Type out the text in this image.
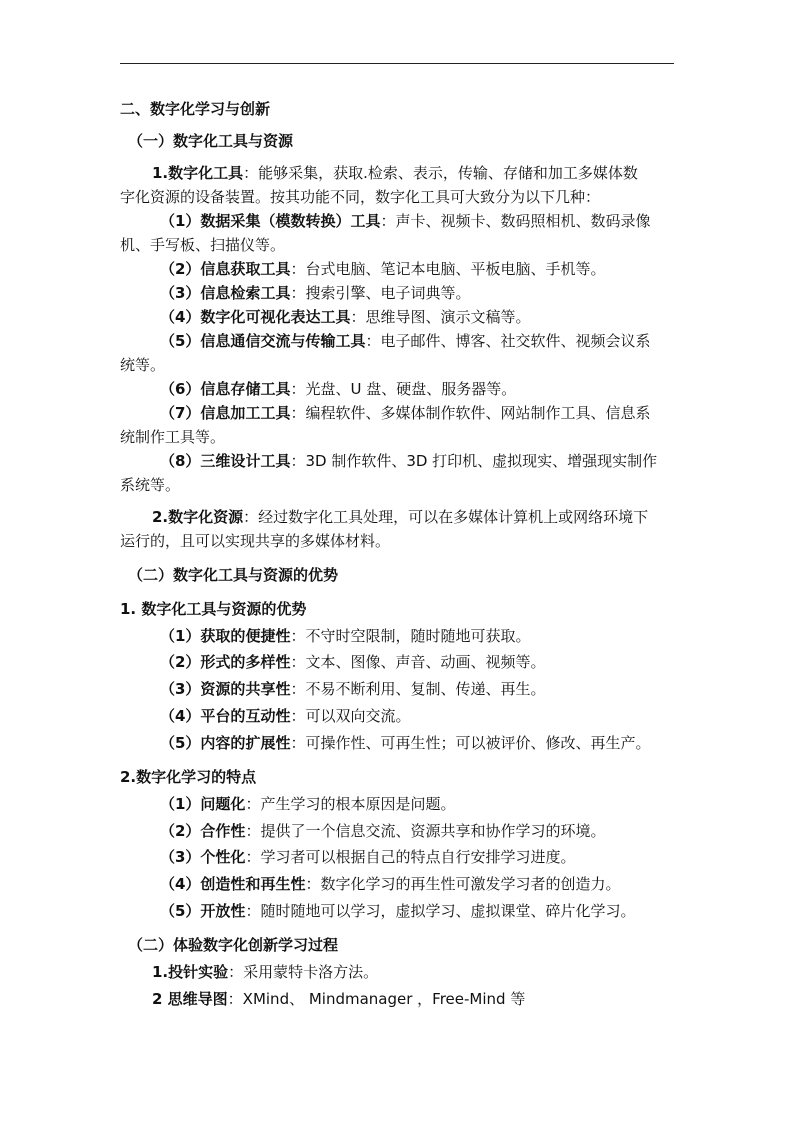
二、数字化学习与创新
（一）数字化工具与资源
1.数字化工具：能够采集，获取.检索、表示，传输、存储和加工多媒体数
字化资源的设备装置。按其功能不同，数字化工具可大致分为以下几种：
（1）数据采集（模数转换）工具：声卡、视频卡、数码照相机、数码录像
机、手写板、扫描仪等。
（2）信息获取工具：台式电脑、笔记本电脑、平板电脑、手机等。
（3）信息检索工具：搜索引擎、电子词典等。
（4）数字化可视化表达工具：思维导图、演示文稿等。
（5）信息通信交流与传输工具：电子邮件、博客、社交软件、视频会议系
统等。
（6）信息存储工具：光盘、U 盘、硬盘、服务器等。
（7）信息加工工具：编程软件、多媒体制作软件、网站制作工具、信息系
统制作工具等。
（8）三维设计工具：3D 制作软件、3D 打印机、虚拟现实、增强现实制作
系统等。
2.数字化资源：经过数字化工具处理，可以在多媒体计算机上或网络环境下
运行的，且可以实现共享的多媒体材料。
（二）数字化工具与资源的优势
1. 数字化工具与资源的优势
（1）获取的便捷性：不守时空限制，随时随地可获取。
（2）形式的多样性：文本、图像、声音、动画、视频等。
（3）资源的共享性：不易不断利用、复制、传递、再生。
（4）平台的互动性：可以双向交流。
（5）内容的扩展性：可操作性、可再生性；可以被评价、修改、再生产。
2.数字化学习的特点
（1）问题化：产生学习的根本原因是问题。
（2）合作性：提供了一个信息交流、资源共享和协作学习的环境。
（3）个性化：学习者可以根据自己的特点自行安排学习进度。
（4）创造性和再生性：数字化学习的再生性可激发学习者的创造力。
（5）开放性：随时随地可以学习，虚拟学习、虚拟课堂、碎片化学习。
（二）体验数字化创新学习过程
1.投针实验：采用蒙特卡洛方法。
2 思维导图：XMind、 Mindmanager ，Free-Mind 等
